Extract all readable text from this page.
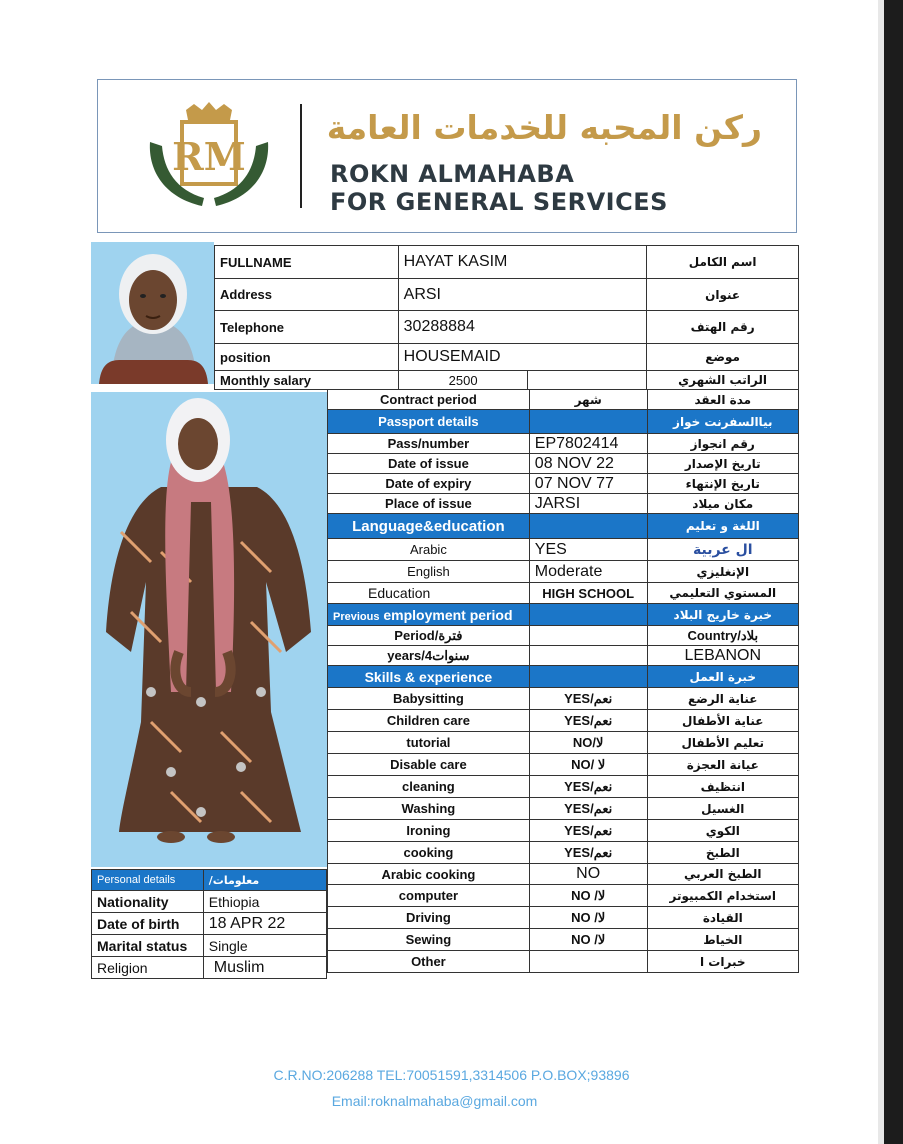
RM
ركن المحبه للخدمات العامة
ROKN ALMAHABA
FOR GENERAL SERVICES
FULLNAME	HAYAT KASIM	اسم الكامل
Address	ARSI	عنوان
Telephone	30288884	رقم الهتف
position	HOUSEMAID	موضع
Monthly salary	2500		الراتب الشهري
Contract period	شهر	مدة العقد
Passport details		بياالسفرنت خواز
Pass/number	EP7802414	رقم انجواز
Date of issue	08 NOV 22	تاريخ الإصدار
Date of expiry	07 NOV 77	تاريخ الإنتهاء
Place of issue	JARSI	مكان ميلاد
Language&education		اللغة و تعليم
Arabic	YES	ال عربية
English	Moderate	الإنغليزي
Education	HIGH SCHOOL	المستوي التعليمي
Previous employment period		خبرة خاريج البلاد
Period/فترة		Country/بلاد
years/سنوات4		LEBANON
Skills & experience		خبرة العمل
Babysitting	YES/نعم	عناية الرضع
Children care	YES/نعم	عناية الأطفال
tutorial	NO/لا	تعليم الأطفال
Disable care	NO/ لا	عيانة العجزة
cleaning	YES/نعم	انتظيف
Washing	YES/نعم	الغسيل
Ironing	YES/نعم	الكوي
cooking	YES/نعم	الطبخ
Arabic cooking	NO	الطبخ العربي
computer	NO /لا	استخدام الكمبيوتر
Driving	NO /لا	القيادة
Sewing	NO /لا	الخياط
Other		خبرات ا
Personal details	معلومات/
Nationality	Ethiopia
Date of birth	18 APR 22
Marital status	Single
Religion	Muslim
C.R.NO:206288 TEL:70051591,3314506 P.O.BOX;93896
Email:roknalmahaba@gmail.com
